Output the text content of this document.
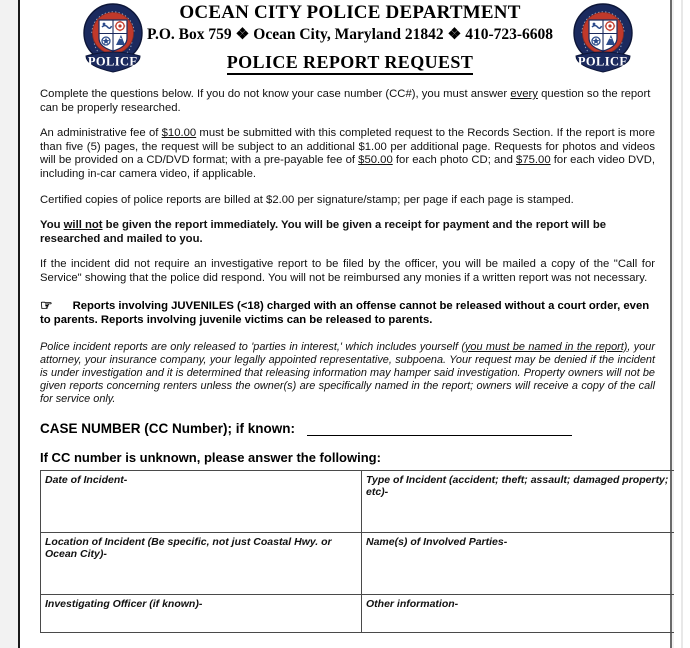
POLICE
OCEAN CITY POLICE DEPARTMENT
P.O. Box 759 ❖ Ocean City, Maryland 21842 ❖ 410-723-6608
POLICE
POLICE REPORT REQUEST

Complete the questions below. If you do not know your case number (CC#), you must answer every question so the report can be properly researched.

An administrative fee of $10.00 must be submitted with this completed request to the Records Section. If the report is more than five (5) pages, the request will be subject to an additional $1.00 per additional page. Requests for photos and videos will be provided on a CD/DVD format; with a pre-payable fee of $50.00 for each photo CD; and $75.00 for each video DVD, including in-car camera video, if applicable.

Certified copies of police reports are billed at $2.00 per signature/stamp; per page if each page is stamped.

You will not be given the report immediately. You will be given a receipt for payment and the report will be researched and mailed to you.

If the incident did not require an investigative report to be filed by the officer, you will be mailed a copy of the "Call for Service" showing that the police did respond. You will not be reimbursed any monies if a written report was not necessary.

☞ Reports involving JUVENILES (<18) charged with an offense cannot be released without a court order, even to parents. Reports involving juvenile victims can be released to parents.

Police incident reports are only released to 'parties in interest,' which includes yourself (you must be named in the report), your attorney, your insurance company, your legally appointed representative, subpoena. Your request may be denied if the incident is under investigation and it is determined that releasing information may hamper said investigation. Property owners will not be given reports concerning renters unless the owner(s) are specifically named in the report; owners will receive a copy of the call for service only.

CASE NUMBER (CC Number); if known:
If CC number is unknown, please answer the following:
Date of Incident-	Type of Incident (accident; theft; assault; damaged property; etc)-
Location of Incident (Be specific, not just Coastal Hwy. or Ocean City)-	Name(s) of Involved Parties-
Investigating Officer (if known)-	Other information-
